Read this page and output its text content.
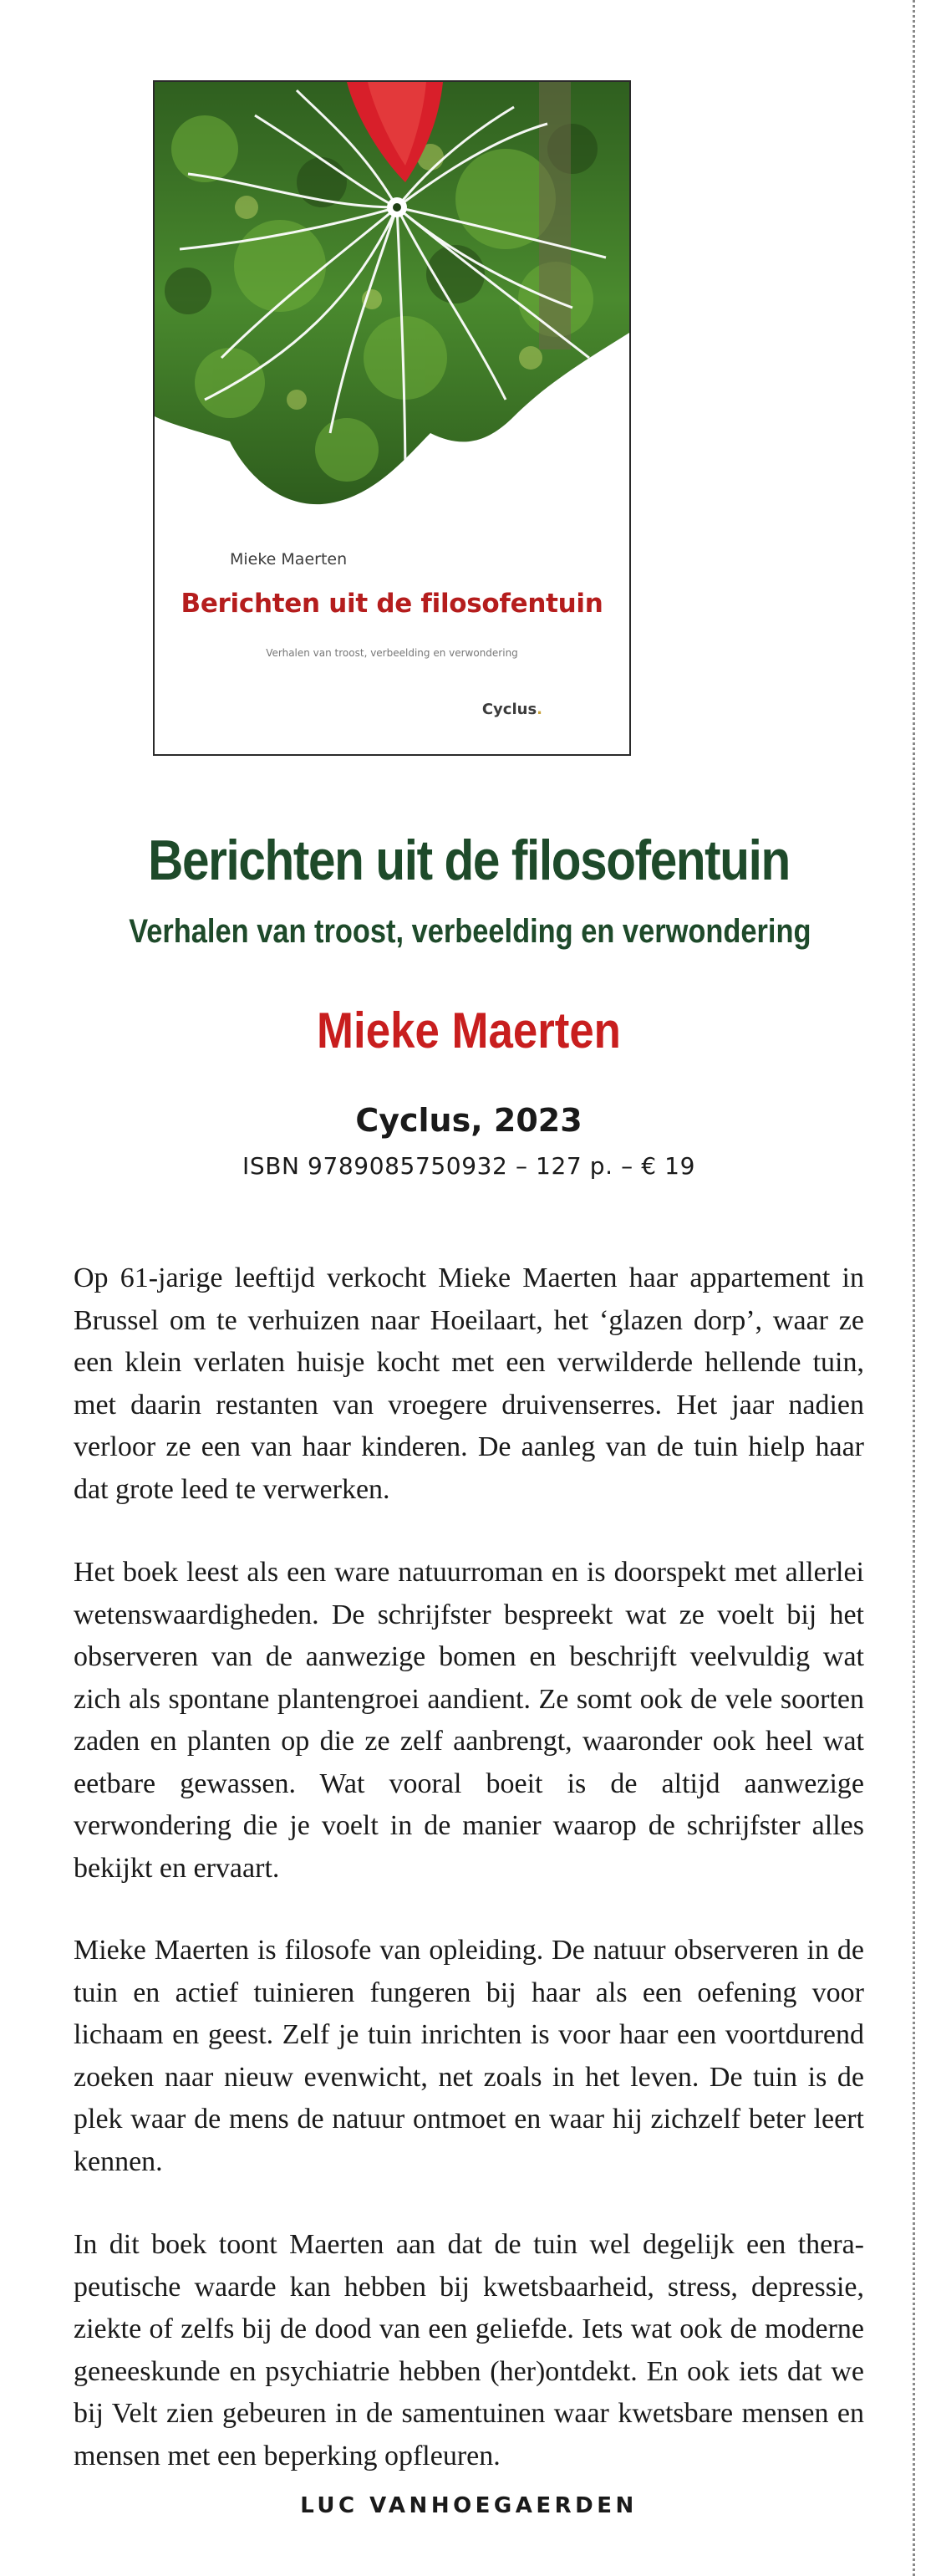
Mieke Maerten
Berichten uit de filosofentuin
Verhalen van troost, verbeelding en verwondering
Cyclus.
Berichten uit de filosofentuin
Verhalen van troost, verbeelding en verwondering
Mieke Maerten
Cyclus, 2023
ISBN 9789085750932 – 127 p. – € 19

Op 61-jarige leeftijd verkocht Mieke Maerten haar appartement in Brussel om te verhuizen naar Hoeilaart, het ‘glazen dorp’, waar ze een klein verlaten huisje kocht met een verwilderde hellende tuin, met daarin restanten van vroegere druivenserres. Het jaar nadien verloor ze een van haar kinderen. De aanleg van de tuin hielp haar dat grote leed te verwerken.

Het boek leest als een ware natuurroman en is doorspekt met allerlei wetenswaardigheden. De schrijfster bespreekt wat ze voelt bij het observeren van de aanwezige bomen en beschrijft veelvuldig wat zich als spontane plantengroei aandient. Ze somt ook de vele soorten zaden en planten op die ze zelf aanbrengt, waaronder ook heel wat eetbare gewassen. Wat vooral boeit is de altijd aanwezige verwondering die je voelt in de manier waarop de schrijfster alles bekijkt en ervaart.

Mieke Maerten is filosofe van opleiding. De natuur observeren in de tuin en actief tuinieren fungeren bij haar als een oefening voor lichaam en geest. Zelf je tuin inrichten is voor haar een voortdurend zoeken naar nieuw evenwicht, net zoals in het leven. De tuin is de plek waar de mens de natuur ontmoet en waar hij zichzelf beter leert kennen.

In dit boek toont Maerten aan dat de tuin wel degelijk een therapeutische waarde kan hebben bij kwetsbaarheid, stress, depressie, ziekte of zelfs bij de dood van een geliefde. Iets wat ook de moderne geneeskunde en psychiatrie hebben (her)ontdekt. En ook iets dat we bij Velt zien gebeuren in de samentuinen waar kwetsbare mensen en mensen met een beperking opfleuren.

LUC VANHOEGAERDEN
